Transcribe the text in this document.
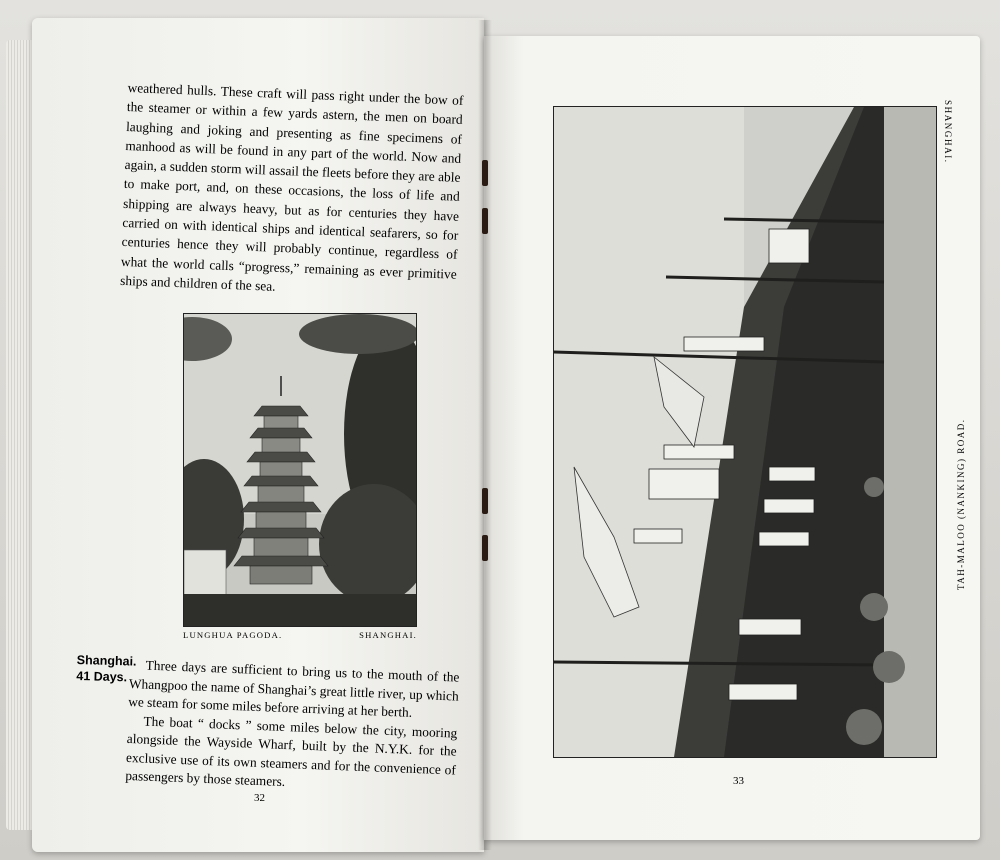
weathered hulls. These craft will pass right under the bow of the steamer or within a few yards astern, the men on board laughing and joking and presenting as fine specimens of manhood as will be found in any part of the world. Now and again, a sudden storm will assail the fleets before they are able to make port, and, on these occasions, the loss of life and shipping are always heavy, but as for centuries they have carried on with identical ships and identical seafarers, so for centuries hence they will probably continue, regardless of what the world calls “progress,” remaining as ever primitive ships and children of the sea.

LUNGHUA PAGODA.	SHANGHAI.
Shanghai.
41 Days.	Three days are sufficient to bring us to the mouth of the Whangpoo the name of Shanghai’s great little river, up which we steam for some miles before arriving at her berth.

The boat “ docks ” some miles below the city, mooring alongside the Wayside Wharf, built by the N.Y.K. for the exclusive use of its own steamers and for the convenience of passengers by those steamers.

32
SHANGHAI.
TAH-MALOO (NANKING) ROAD.
33
